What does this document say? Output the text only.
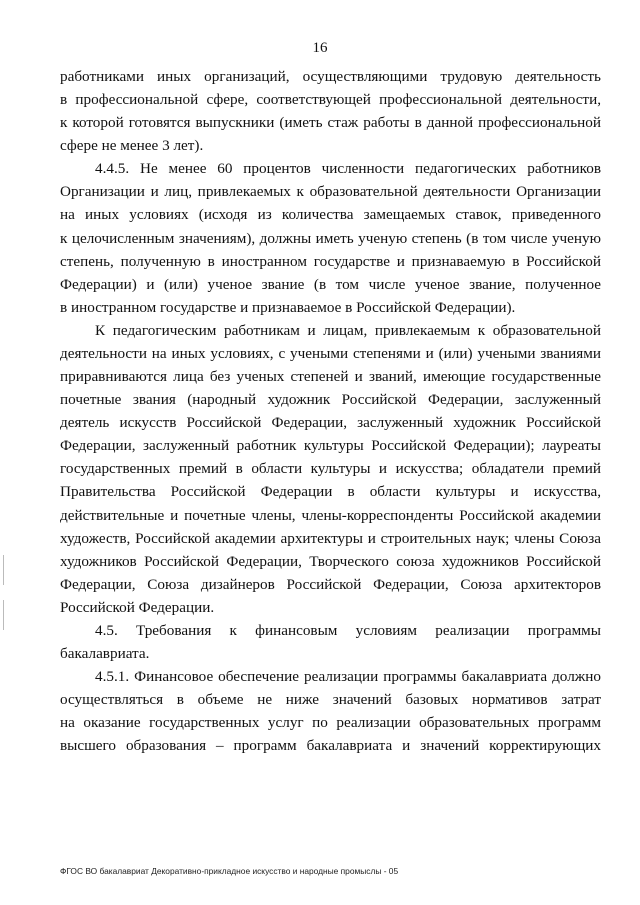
16
работниками иных организаций, осуществляющими трудовую деятельность
в профессиональной сфере, соответствующей профессиональной деятельности,
к которой готовятся выпускники (иметь стаж работы в данной профессиональной
сфере не менее 3 лет).
4.4.5. Не менее 60 процентов численности педагогических работников
Организации и лиц, привлекаемых к образовательной деятельности Организации
на иных условиях (исходя из количества замещаемых ставок, приведенного
к целочисленным значениям), должны иметь ученую степень (в том числе ученую
степень, полученную в иностранном государстве и признаваемую в Российской
Федерации) и (или) ученое звание (в том числе ученое звание, полученное
в иностранном государстве и признаваемое в Российской Федерации).
К педагогическим работникам и лицам, привлекаемым к образовательной
деятельности на иных условиях, с учеными степенями и (или) учеными званиями
приравниваются лица без ученых степеней и званий, имеющие государственные
почетные звания (народный художник Российской Федерации, заслуженный
деятель искусств Российской Федерации, заслуженный художник Российской
Федерации, заслуженный работник культуры Российской Федерации); лауреаты
государственных премий в области культуры и искусства; обладатели премий
Правительства Российской Федерации в области культуры и искусства,
действительные и почетные члены, члены-корреспонденты Российской академии
художеств, Российской академии архитектуры и строительных наук; члены Союза
художников Российской Федерации, Творческого союза художников Российской
Федерации, Союза дизайнеров Российской Федерации, Союза архитекторов
Российской Федерации.
4.5. Требования к финансовым условиям реализации программы
бакалавриата.
4.5.1. Финансовое обеспечение реализации программы бакалавриата должно
осуществляться в объеме не ниже значений базовых нормативов затрат
на оказание государственных услуг по реализации образовательных программ
высшего образования – программ бакалавриата и значений корректирующих
ФГОС ВО бакалавриат Декоративно-прикладное искусство и народные промыслы - 05
